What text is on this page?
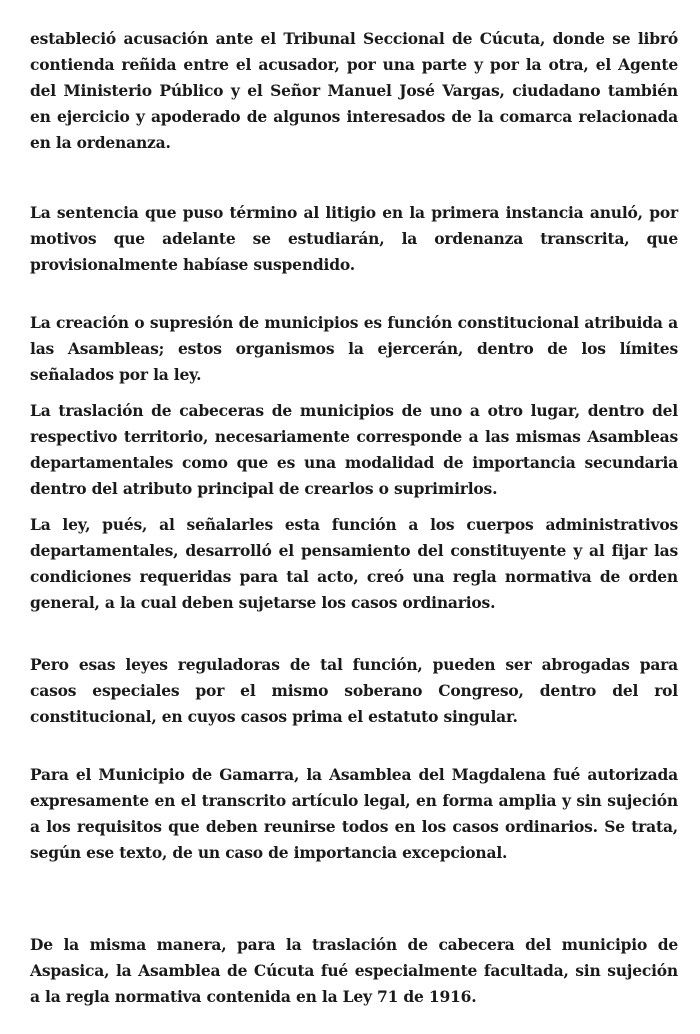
estableció acusación ante el Tribunal Seccional de Cúcuta, donde se libró contienda reñida entre el acusador, por una parte y por la otra, el Agente del Ministerio Público y el Señor Manuel José Vargas, ciudadano también en ejercicio y apoderado de algunos interesados de la comarca relacionada en la ordenanza.

La sentencia que puso término al litigio en la primera instancia anuló, por motivos que adelante se estudiarán, la ordenanza transcrita, que provisionalmente habíase suspendido.

La creación o supresión de municipios es función constitucional atribuida a las Asambleas; estos organismos la ejercerán, dentro de los límites señalados por la ley.

La traslación de cabeceras de municipios de uno a otro lugar, dentro del respectivo territorio, necesariamente corresponde a las mismas Asambleas departamentales como que es una modalidad de importancia secundaria dentro del atributo principal de crearlos o suprimirlos.

La ley, pués, al señalarles esta función a los cuerpos administrativos departamentales, desarrolló el pensamiento del constituyente y al fijar las condiciones requeridas para tal acto, creó una regla normativa de orden general, a la cual deben sujetarse los casos ordinarios.

Pero esas leyes reguladoras de tal función, pueden ser abrogadas para casos especiales por el mismo soberano Congreso, dentro del rol constitucional, en cuyos casos prima el estatuto singular.

Para el Municipio de Gamarra, la Asamblea del Magdalena fué autorizada expresamente en el transcrito artículo legal, en forma amplia y sin sujeción a los requisitos que deben reunirse todos en los casos ordinarios. Se trata, según ese texto, de un caso de importancia excepcional.

De la misma manera, para la traslación de cabecera del municipio de Aspasica, la Asamblea de Cúcuta fué especialmente facultada, sin sujeción a la regla normativa contenida en la Ley 71 de 1916.
